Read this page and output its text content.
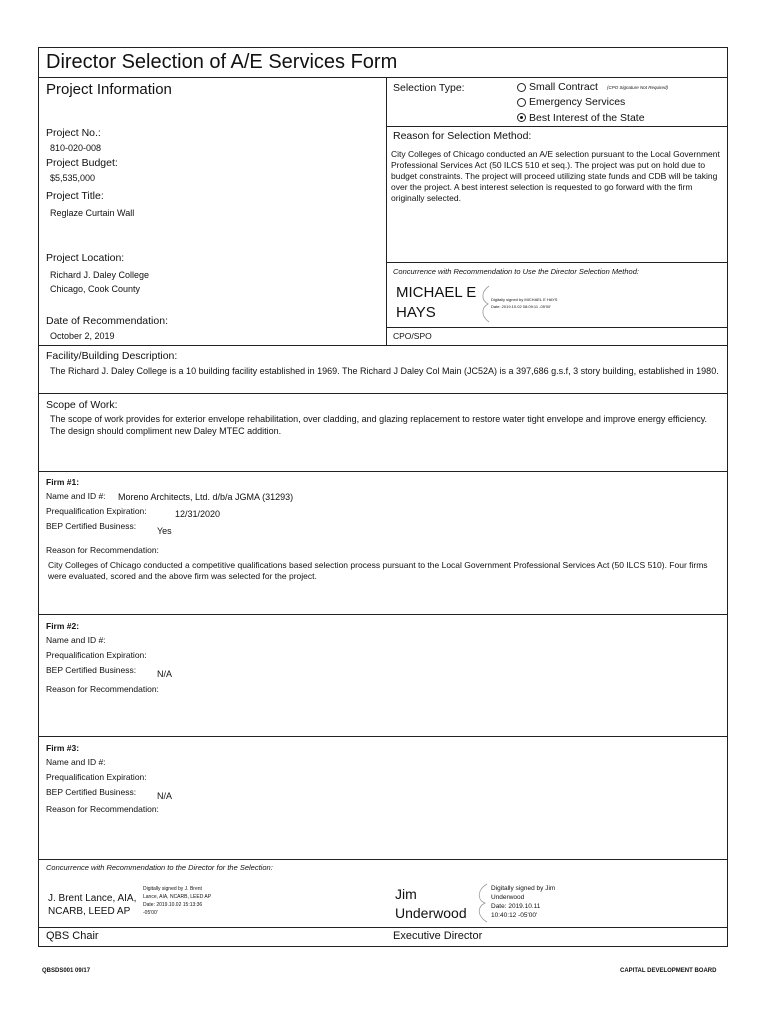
Director Selection of A/E Services Form
Project Information
Project No.:
810-020-008
Project Budget:
$5,535,000
Project Title:
Reglaze Curtain Wall
Project Location:
Richard J. Daley College
Chicago, Cook County
Date of Recommendation:
October 2, 2019
Selection Type:	Small Contract (CPO Signature Not Required)
Emergency Services
Best Interest of the State
Reason for Selection Method:
City Colleges of Chicago conducted an A/E selection pursuant to the Local Government Professional Services Act (50 ILCS 510 et seq.). The project was put on hold due to budget constraints. The project will proceed utilizing state funds and CDB will be taking over the project. A best interest selection is requested to go forward with the firm originally selected.
Concurrence with Recommendation to Use the Director Selection Method:
MICHAEL E
HAYS
Digitally signed by MICHAEL E HAYS
Date: 2019.10.02 08:09:11 -05'00'
CPO/SPO
Facility/Building Description:
The Richard J. Daley College is a 10 building facility established in 1969. The Richard J Daley Col Main (JC52A) is a 397,686 g.s.f, 3 story building, established in 1980.
Scope of Work:
The scope of work provides for exterior envelope rehabilitation, over cladding, and glazing replacement to restore water tight envelope and improve energy efficiency. The design should compliment new Daley MTEC addition.
Firm #1:
Name and ID #: Moreno Architects, Ltd. d/b/a JGMA (31293)
Prequalification Expiration:	12/31/2020
BEP Certified Business: Yes
Reason for Recommendation:
City Colleges of Chicago conducted a competitive qualifications based selection process pursuant to the Local Government Professional Services Act (50 ILCS 510). Four firms were evaluated, scored and the above firm was selected for the project.
Firm #2:
Name and ID #:
Prequalification Expiration:
BEP Certified Business: N/A
Reason for Recommendation:
Firm #3:
Name and ID #:
Prequalification Expiration:
BEP Certified Business: N/A
Reason for Recommendation:
Concurrence with Recommendation to the Director for the Selection:
J. Brent Lance, AIA,
NCARB, LEED AP
Digitally signed by J. Brent
Lance, AIA, NCARB, LEED AP
Date: 2019.10.02 15:13:36
-05'00'
Jim
Underwood
Digitally signed by Jim
Underwood
Date: 2019.10.11
10:40:12 -05'00'
QBS Chair	Executive Director
QBSDS001 09/17	CAPITAL DEVELOPMENT BOARD
